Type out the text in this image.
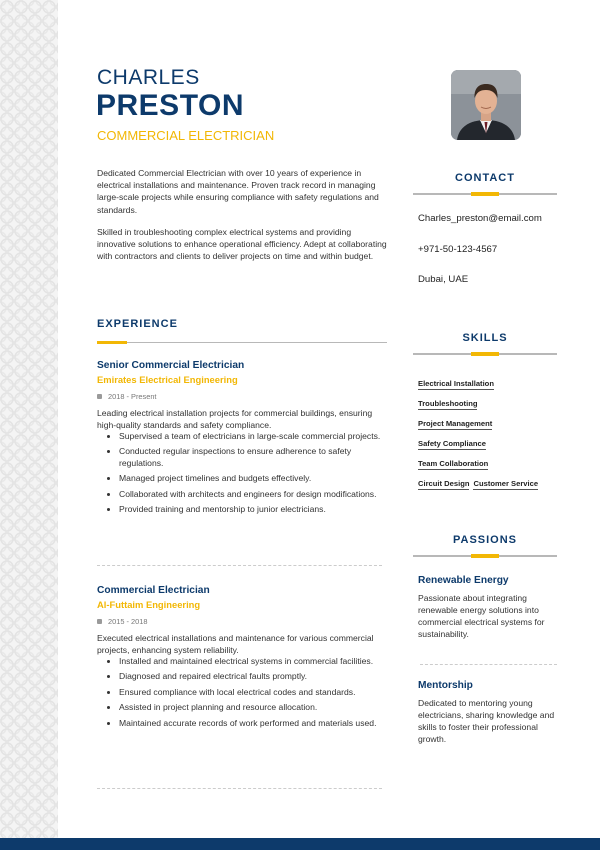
CHARLES
PRESTON
COMMERCIAL ELECTRICIAN

Dedicated Commercial Electrician with over 10 years of experience in electrical installations and maintenance. Proven track record in managing large-scale projects while ensuring compliance with safety regulations and standards.

Skilled in troubleshooting complex electrical systems and providing innovative solutions to enhance operational efficiency. Adept at collaborating with contractors and clients to deliver projects on time and within budget.

EXPERIENCE
Senior Commercial Electrician
Emirates Electrical Engineering
2018 - Present
Leading electrical installation projects for commercial buildings, ensuring high-quality standards and safety compliance.
• Supervised a team of electricians in large-scale commercial projects.
• Conducted regular inspections to ensure adherence to safety regulations.
• Managed project timelines and budgets effectively.
• Collaborated with architects and engineers for design modifications.
• Provided training and mentorship to junior electricians.
Commercial Electrician
Al-Futtaim Engineering
2015 - 2018
Executed electrical installations and maintenance for various commercial projects, enhancing system reliability.
• Installed and maintained electrical systems in commercial facilities.
• Diagnosed and repaired electrical faults promptly.
• Ensured compliance with local electrical codes and standards.
• Assisted in project planning and resource allocation.
• Maintained accurate records of work performed and materials used.
CONTACT
Charles_preston@email.com
+971-50-123-4567
Dubai, UAE
SKILLS
Electrical Installation
Troubleshooting
Project Management
Safety Compliance
Team Collaboration
Circuit Design Customer Service
PASSIONS
Renewable Energy
Passionate about integrating renewable energy solutions into commercial electrical systems for sustainability.
Mentorship
Dedicated to mentoring young electricians, sharing knowledge and skills to foster their professional growth.
